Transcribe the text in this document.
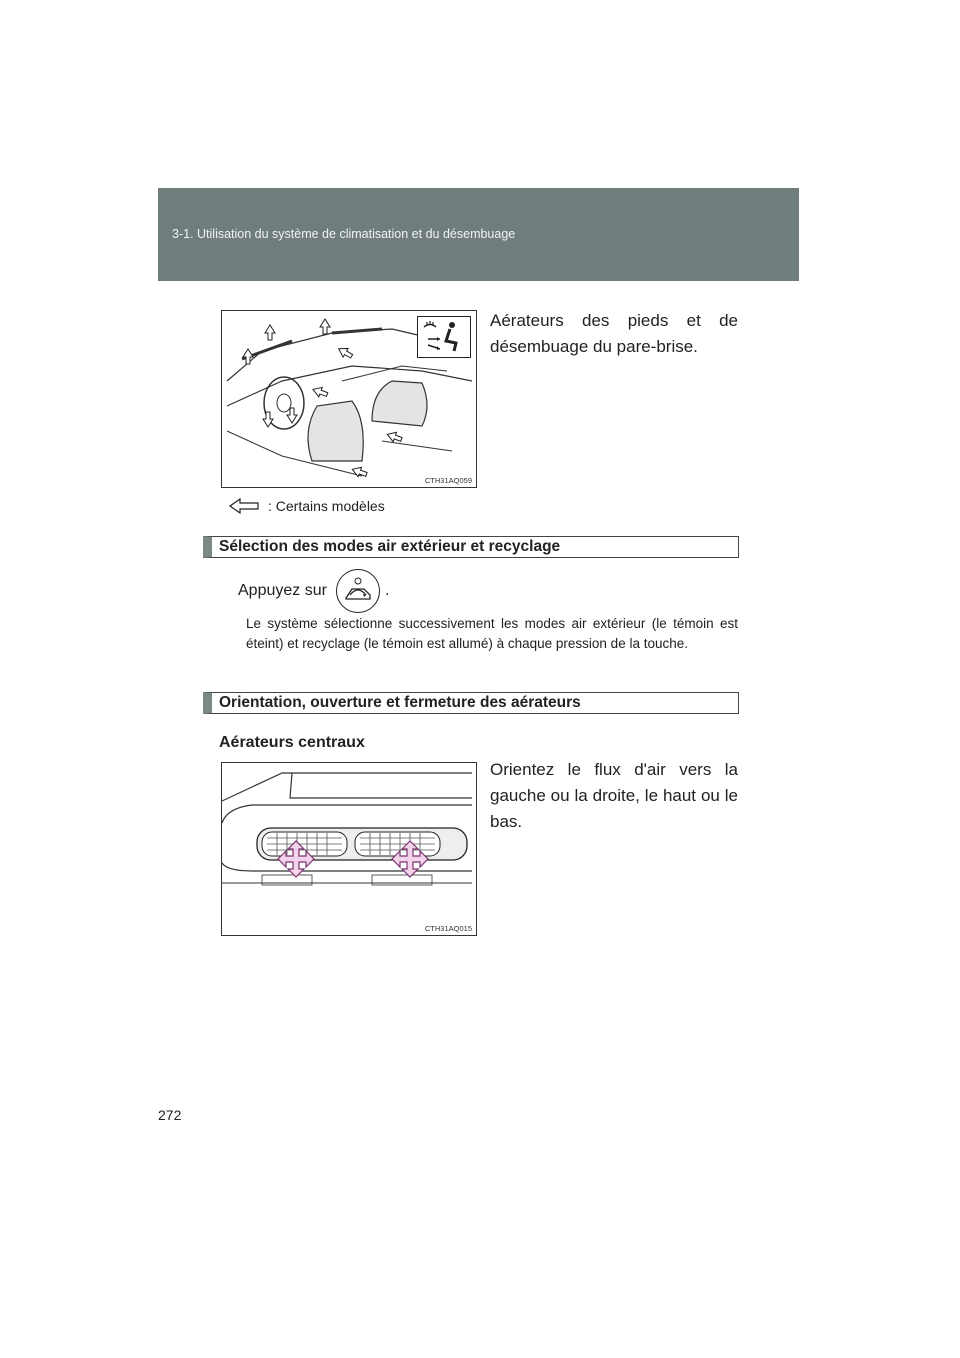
3-1. Utilisation du système de climatisation et du désembuage
CTH31AQ059
Aérateurs des pieds et de désembuage du pare-brise.
: Certains modèles
Sélection des modes air extérieur et recyclage
Appuyez sur	.
Le système sélectionne successivement les modes air extérieur (le témoin est éteint) et recyclage (le témoin est allumé) à chaque pression de la touche.
Orientation, ouverture et fermeture des aérateurs
Aérateurs centraux
CTH31AQ015
Orientez le flux d'air vers la gauche ou la droite, le haut ou le bas.
272
